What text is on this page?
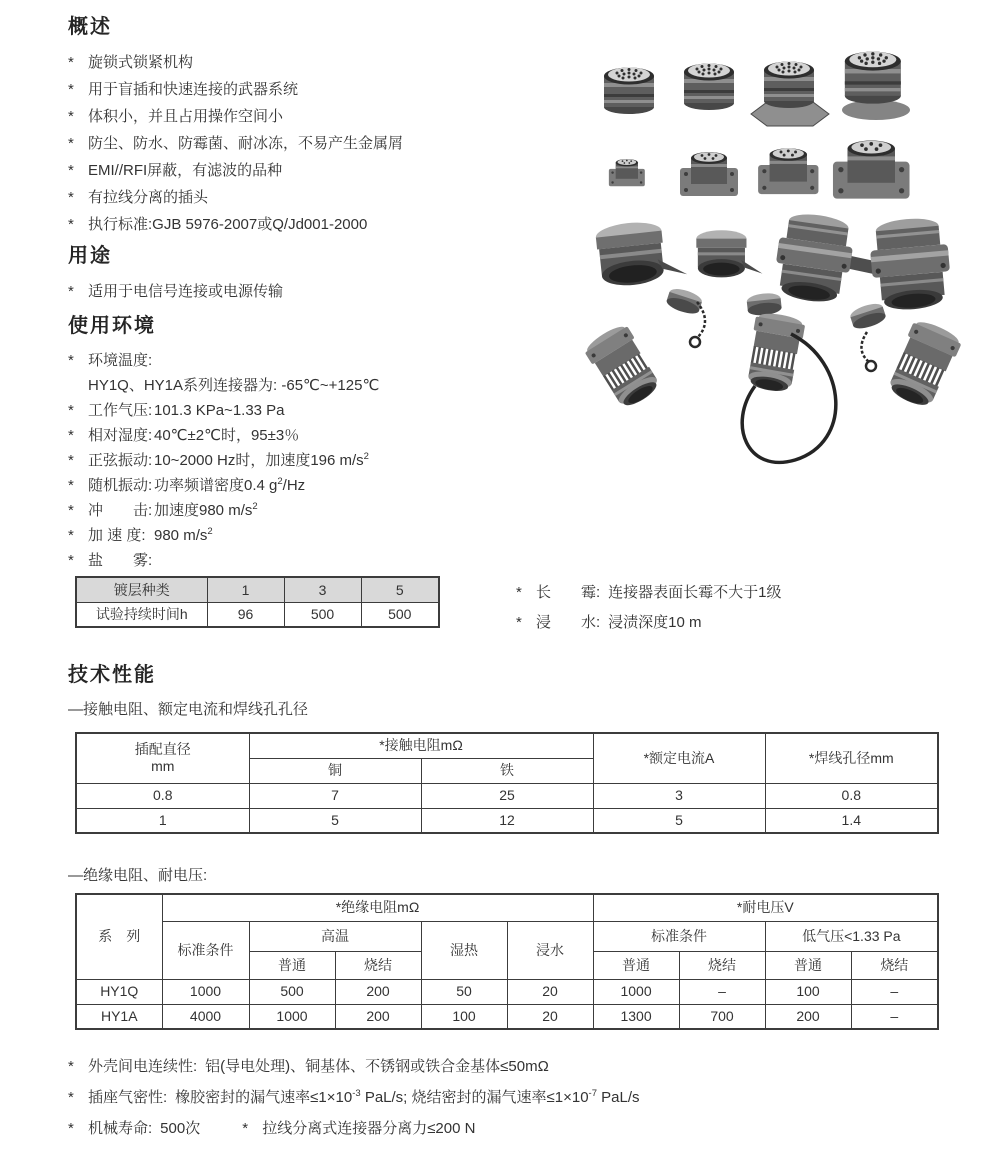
概述
* 旋锁式锁紧机构
* 用于盲插和快速连接的武器系统
* 体积小，并且占用操作空间小
* 防尘、防水、防霉菌、耐冰冻，不易产生金属屑
* EMI//RFI屏蔽，有滤波的品种
* 有拉线分离的插头
* 执行标准:GJB 5976-2007或Q/Jd001-2000
用途
* 适用于电信号连接或电源传输
使用环境
* 环境温度:
HY1Q、HY1A系列连接器为: -65℃~+125℃
* 工作气压: 101.3 KPa~1.33 Pa
* 相对湿度: 40℃±2℃时，95±3％
* 正弦振动: 10~2000 Hz时，加速度196 $m/s^2$
* 随机振动: 功率频谱密度0.4 $g^2/Hz$
* 冲　　击: 加速度980 $m/s^2$
* 加 速 度: 980 $m/s^2$
* 盐　　雾:
镀层种类	1	3	5
试验持续时间h	96	500	500
* 长　　霉: 连接器表面长霉不大于1级
* 浸　　水: 浸渍深度10 m
技术性能
—接触电阻、额定电流和焊线孔孔径
插配直径
mm	*接触电阻mΩ		*额定电流A	*焊线孔径mm
	铜	铁		
0.8	7	25	3	0.8
1	5	12	5	1.4
—绝缘电阻、耐电压:
系　列	*绝缘电阻mΩ					*耐电压V			
	标准条件	高温		湿热	浸水	标准条件		低气压<1.33 Pa	
		普通	烧结			普通	烧结	普通	烧结
HY1Q	1000	500	200	50	20	1000	–	100	–
HY1A	4000	1000	200	100	20	1300	700	200	–
* 外壳间电连续性: 铝(导电处理)、铜基体、不锈钢或铁合金基体≤50mΩ
* 插座气密性: 橡胶密封的漏气速率$\le 1\times 10^{-3}$ PaL/s; 烧结密封的漏气速率$\le 1\times 10^{-7}$ PaL/s
* 机械寿命: 500次	* 拉线分离式连接器分离力≤200 N
